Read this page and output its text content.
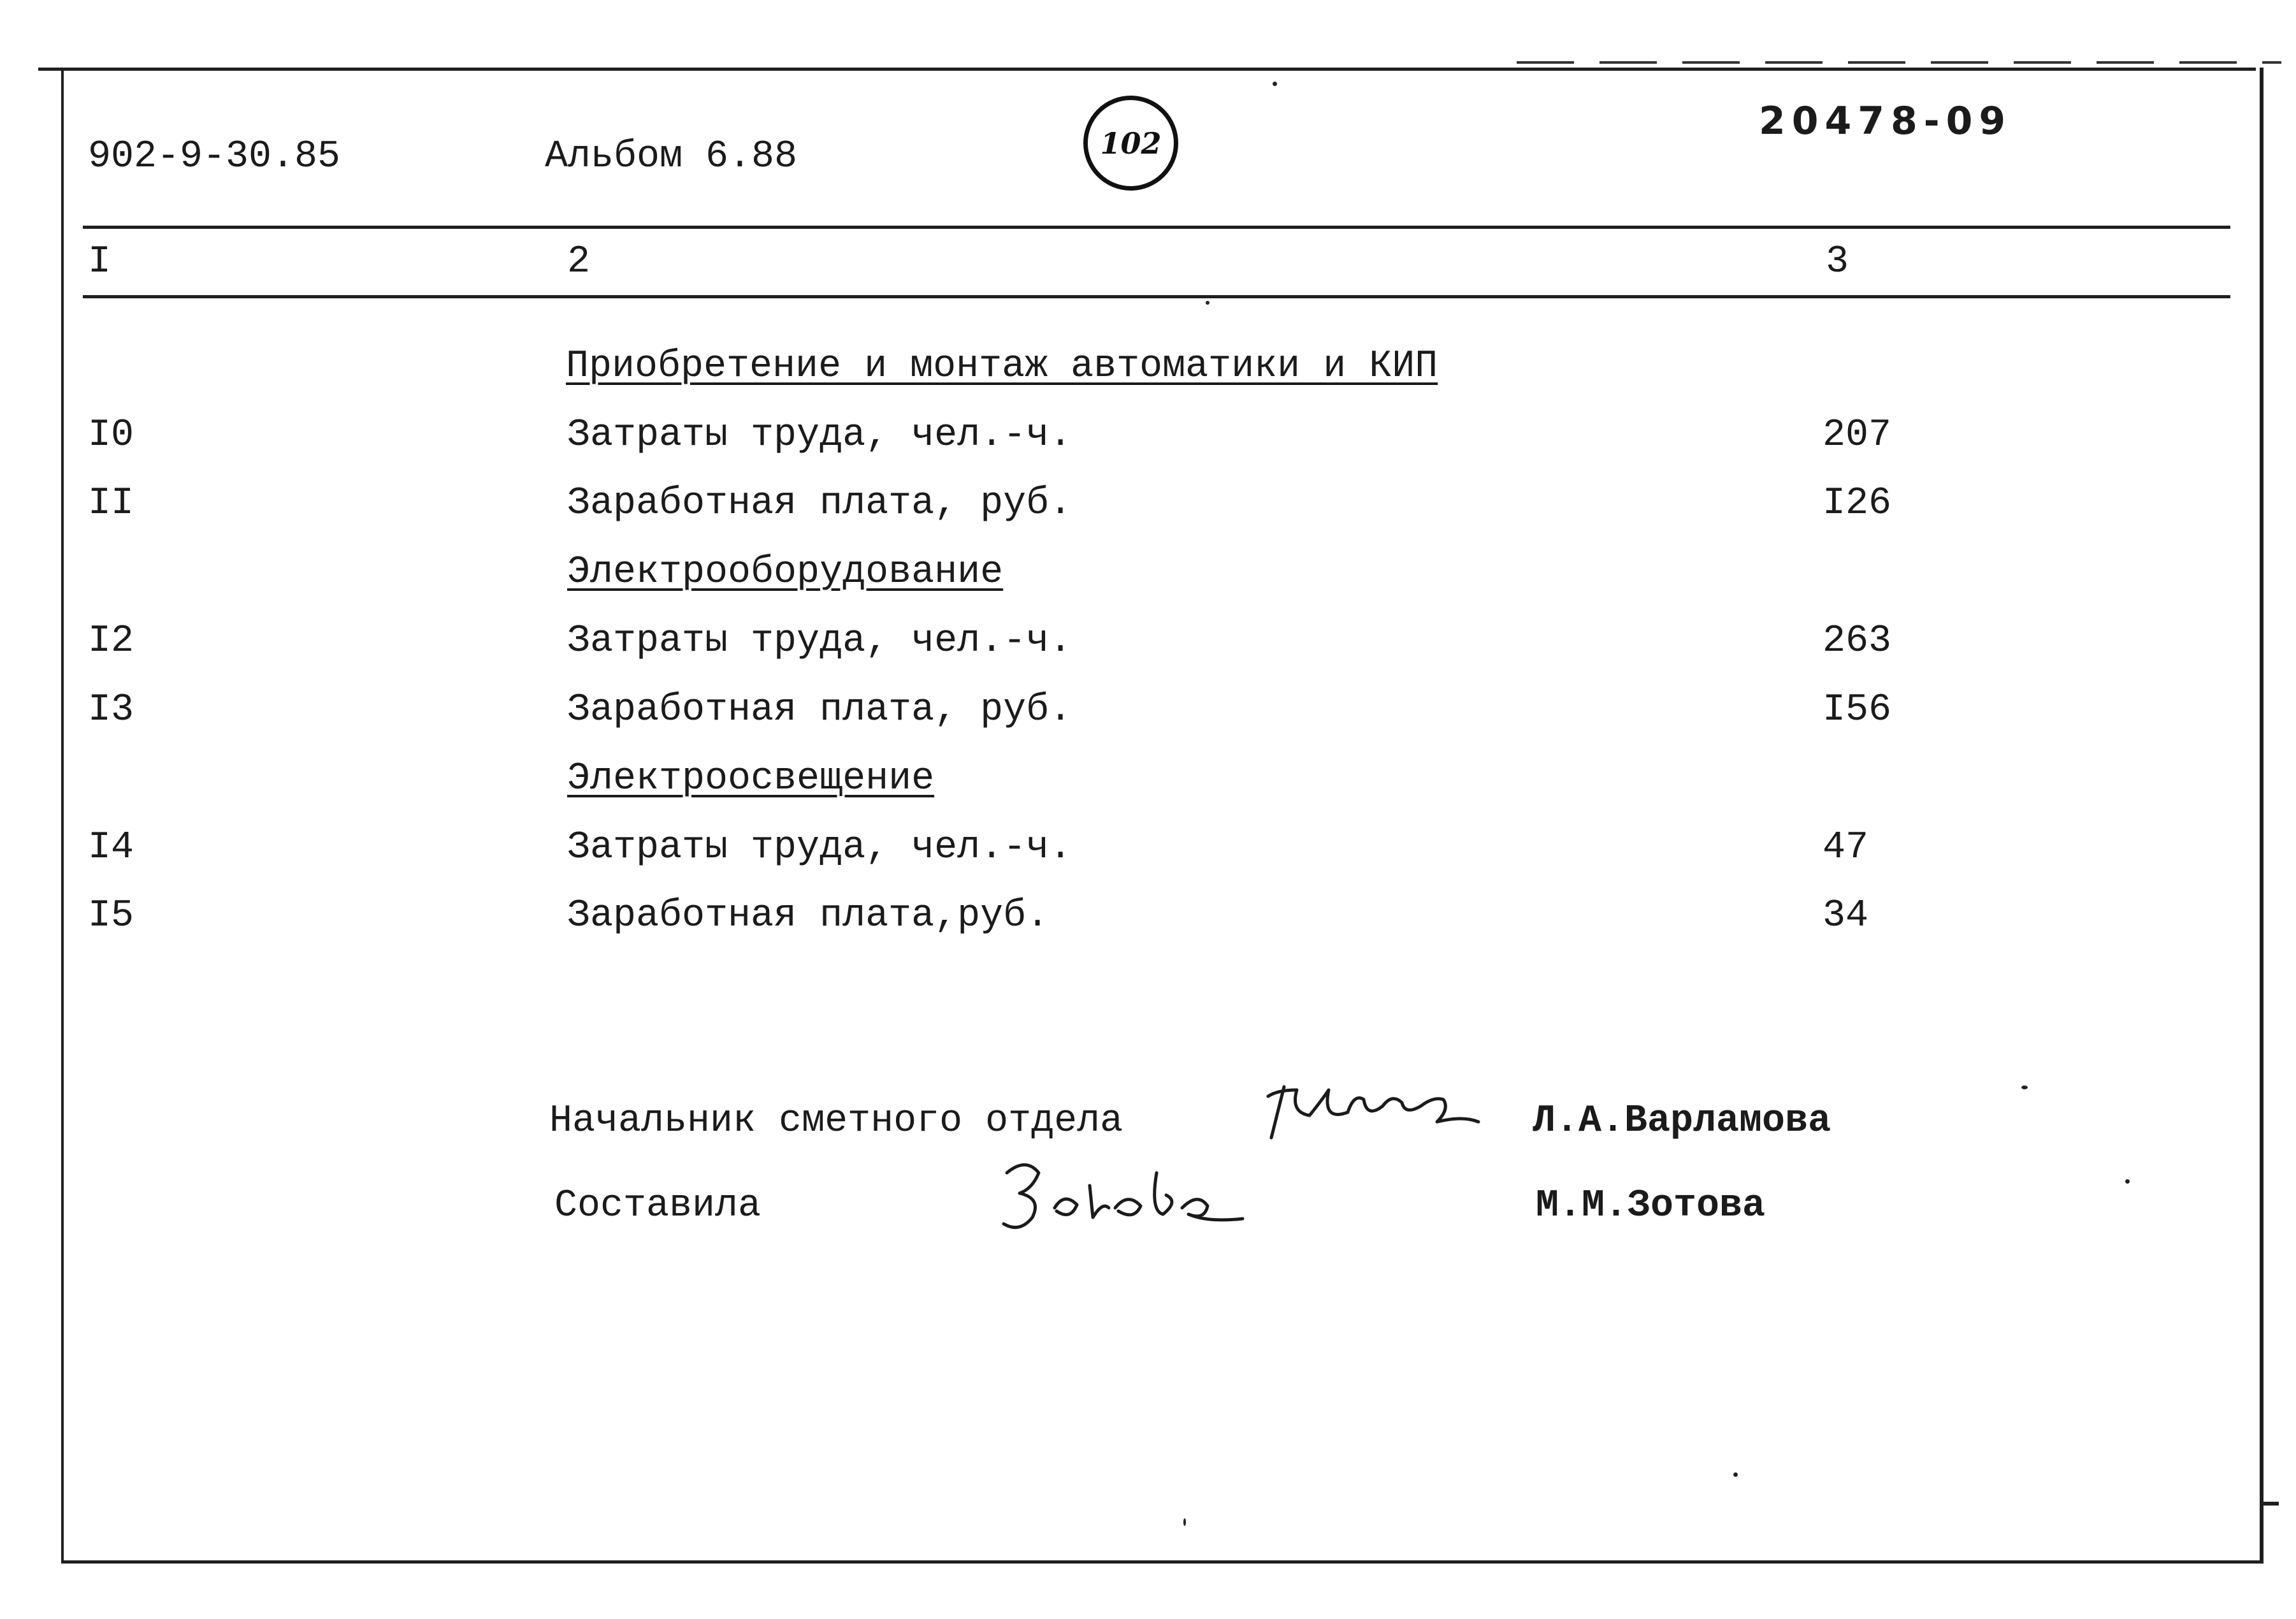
902-9-30.85	Альбом 6.88	102	20478-09
I	2	3
Приобретение и монтаж автоматики и КИП
I0	Затраты труда, чел.-ч.	207
II	Заработная плата, руб.	I26
Электрооборудование
I2	Затраты труда, чел.-ч.	263
I3	Заработная плата, руб.	I56
Электроосвещение
I4	Затраты труда, чел.-ч.	47
I5	Заработная плата,руб.	34
Начальник сметного отдела	Л.А.Варламова
Составила	М.М.Зотова
